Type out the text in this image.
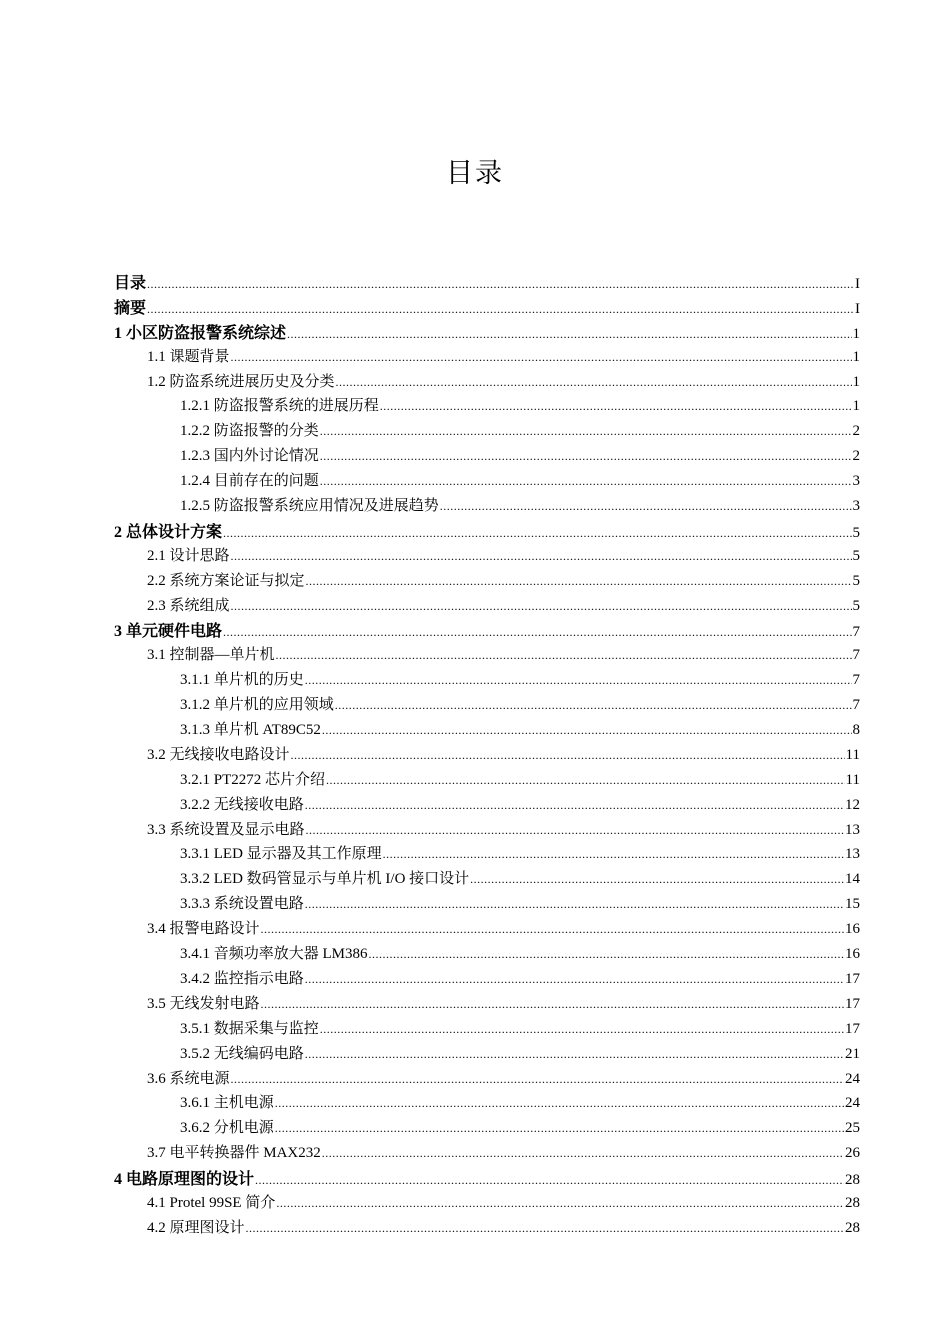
目录
目录 .....	I
摘要 .....	I
1 小区防盗报警系统综述 .....	1
1.1 课题背景 .....	1
1.2 防盗系统进展历史及分类 .....	1
1.2.1 防盗报警系统的进展历程 .....	1
1.2.2 防盗报警的分类 .....	2
1.2.3 国内外讨论情况 .....	2
1.2.4 目前存在的问题 .....	3
1.2.5 防盗报警系统应用情况及进展趋势 .....	3
2 总体设计方案 .....	5
2.1 设计思路 .....	5
2.2 系统方案论证与拟定 .....	5
2.3 系统组成 .....	5
3 单元硬件电路 .....	7
3.1 控制器—单片机 .....	7
3.1.1 单片机的历史 .....	7
3.1.2 单片机的应用领域 .....	7
3.1.3 单片机 AT89C52 .....	8
3.2 无线接收电路设计 .....	11
3.2.1 PT2272 芯片介绍 .....	11
3.2.2 无线接收电路 .....	12
3.3 系统设置及显示电路 .....	13
3.3.1 LED 显示器及其工作原理 .....	13
3.3.2 LED 数码管显示与单片机 I/O 接口设计 .....	14
3.3.3 系统设置电路 .....	15
3.4 报警电路设计 .....	16
3.4.1 音频功率放大器 LM386 .....	16
3.4.2 监控指示电路 .....	17
3.5 无线发射电路 .....	17
3.5.1 数据采集与监控 .....	17
3.5.2 无线编码电路 .....	21
3.6 系统电源 .....	24
3.6.1 主机电源 .....	24
3.6.2 分机电源 .....	25
3.7 电平转换器件 MAX232 .....	26
4 电路原理图的设计 .....	28
4.1 Protel 99SE 简介 .....	28
4.2 原理图设计 .....	28
